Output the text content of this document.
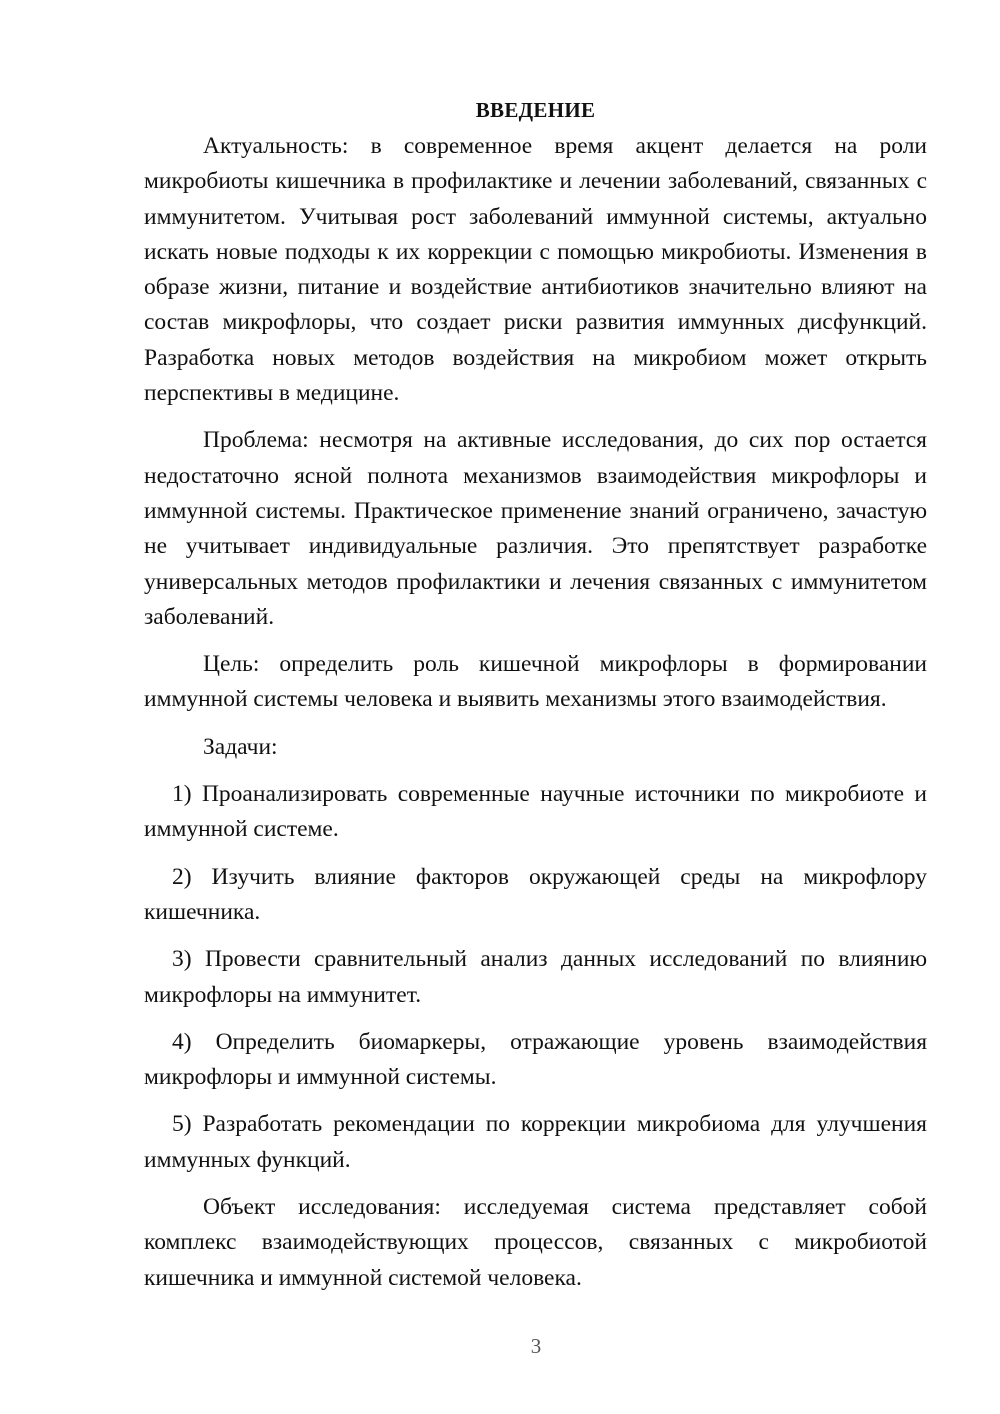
ВВЕДЕНИЕ

Актуальность: в современное время акцент делается на роли микробиоты кишечника в профилактике и лечении заболеваний, связанных с иммунитетом. Учитывая рост заболеваний иммунной системы, актуально искать новые подходы к их коррекции с помощью микробиоты. Изменения в образе жизни, питание и воздействие антибиотиков значительно влияют на состав микрофлоры, что создает риски развития иммунных дисфункций. Разработка новых методов воздействия на микробиом может открыть перспективы в медицине.

Проблема: несмотря на активные исследования, до сих пор остается недостаточно ясной полнота механизмов взаимодействия микрофлоры и иммунной системы. Практическое применение знаний ограничено, зачастую не учитывает индивидуальные различия. Это препятствует разработке универсальных методов профилактики и лечения связанных с иммунитетом заболеваний.

Цель: определить роль кишечной микрофлоры в формировании иммунной системы человека и выявить механизмы этого взаимодействия.

Задачи:

1) Проанализировать современные научные источники по микробиоте и иммунной системе.

2) Изучить влияние факторов окружающей среды на микрофлору кишечника.

3) Провести сравнительный анализ данных исследований по влиянию микрофлоры на иммунитет.

4) Определить биомаркеры, отражающие уровень взаимодействия микрофлоры и иммунной системы.

5) Разработать рекомендации по коррекции микробиома для улучшения иммунных функций.

Объект исследования: исследуемая система представляет собой комплекс взаимодействующих процессов, связанных с микробиотой кишечника и иммунной системой человека.

3
